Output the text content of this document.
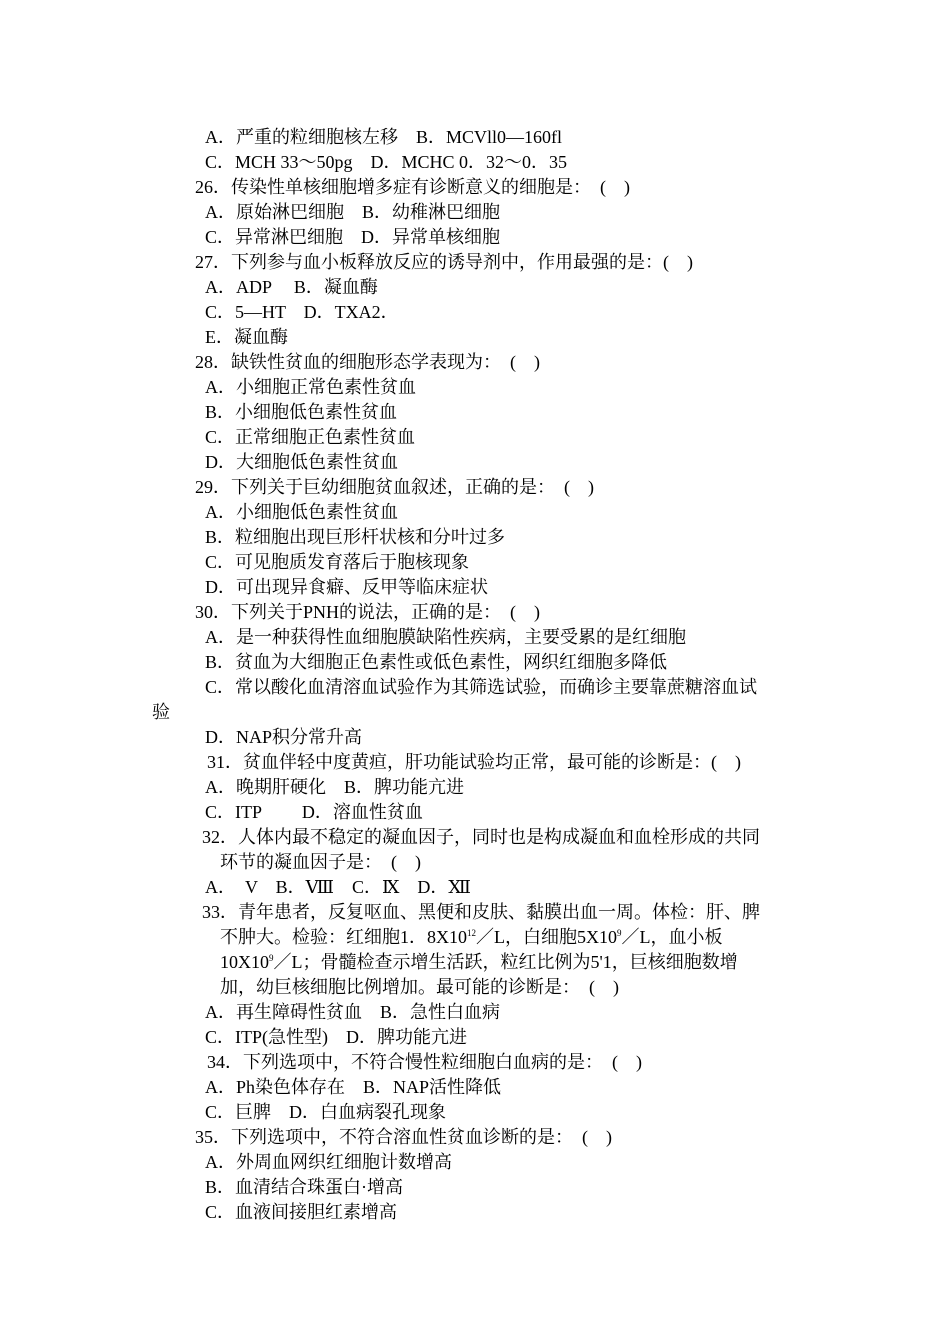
A．严重的粒细胞核左移　B．MCVll0—160fl
C．MCH 33～50pg　D．MCHC 0．32～0．35
26．传染性单核细胞增多症有诊断意义的细胞是：　(　)
A．原始淋巴细胞　B．幼稚淋巴细胞
C．异常淋巴细胞　D．异常单核细胞
27．下列参与血小板释放反应的诱导剂中，作用最强的是：(　)
A．ADP　 B．凝血酶
C．5—HT　D．TXA2．
E．凝血酶
28．缺铁性贫血的细胞形态学表现为：　(　)
A．小细胞正常色素性贫血
B．小细胞低色素性贫血
C．正常细胞正色素性贫血
D．大细胞低色素性贫血
29．下列关于巨幼细胞贫血叙述，正确的是：　(　)
A．小细胞低色素性贫血
B．粒细胞出现巨形杆状核和分叶过多
C．可见胞质发育落后于胞核现象
D．可出现异食癖、反甲等临床症状
30．下列关于PNH的说法，正确的是：　(　)
A．是一种获得性血细胞膜缺陷性疾病，主要受累的是红细胞
B．贫血为大细胞正色素性或低色素性，网织红细胞多降低
C．常以酸化血清溶血试验作为其筛选试验，而确诊主要靠蔗糖溶血试
验
D．NAP积分常升高
31．贫血伴轻中度黄疸，肝功能试验均正常，最可能的诊断是：(　)
A．晚期肝硬化　B．脾功能亢进
C．ITP　　 D．溶血性贫血
32．人体内最不稳定的凝血因子，同时也是构成凝血和血栓形成的共同
环节的凝血因子是：　(　)
A．　V　B．Ⅷ　C．Ⅸ　D．Ⅻ
33．青年患者，反复呕血、黑便和皮肤、黏膜出血一周。体检：肝、脾
不肿大。检验：红细胞1．$8X10^{12}/L$，白细胞$5X10^9/L$，血小板
$10X10^9/L$；骨髓检查示增生活跃，粒红比例为5'1，巨核细胞数增
加，幼巨核细胞比例增加。最可能的诊断是：　(　)
A．再生障碍性贫血　B．急性白血病
C．ITP(急性型)　D．脾功能亢进
34．下列选项中，不符合慢性粒细胞白血病的是：　(　)
A．Ph染色体存在　B．NAP活性降低
C．巨脾　D．白血病裂孔现象
35．下列选项中，不符合溶血性贫血诊断的是：　(　)
A．外周血网织红细胞计数增高
B．血清结合珠蛋白·增高
C．血液间接胆红素增高
